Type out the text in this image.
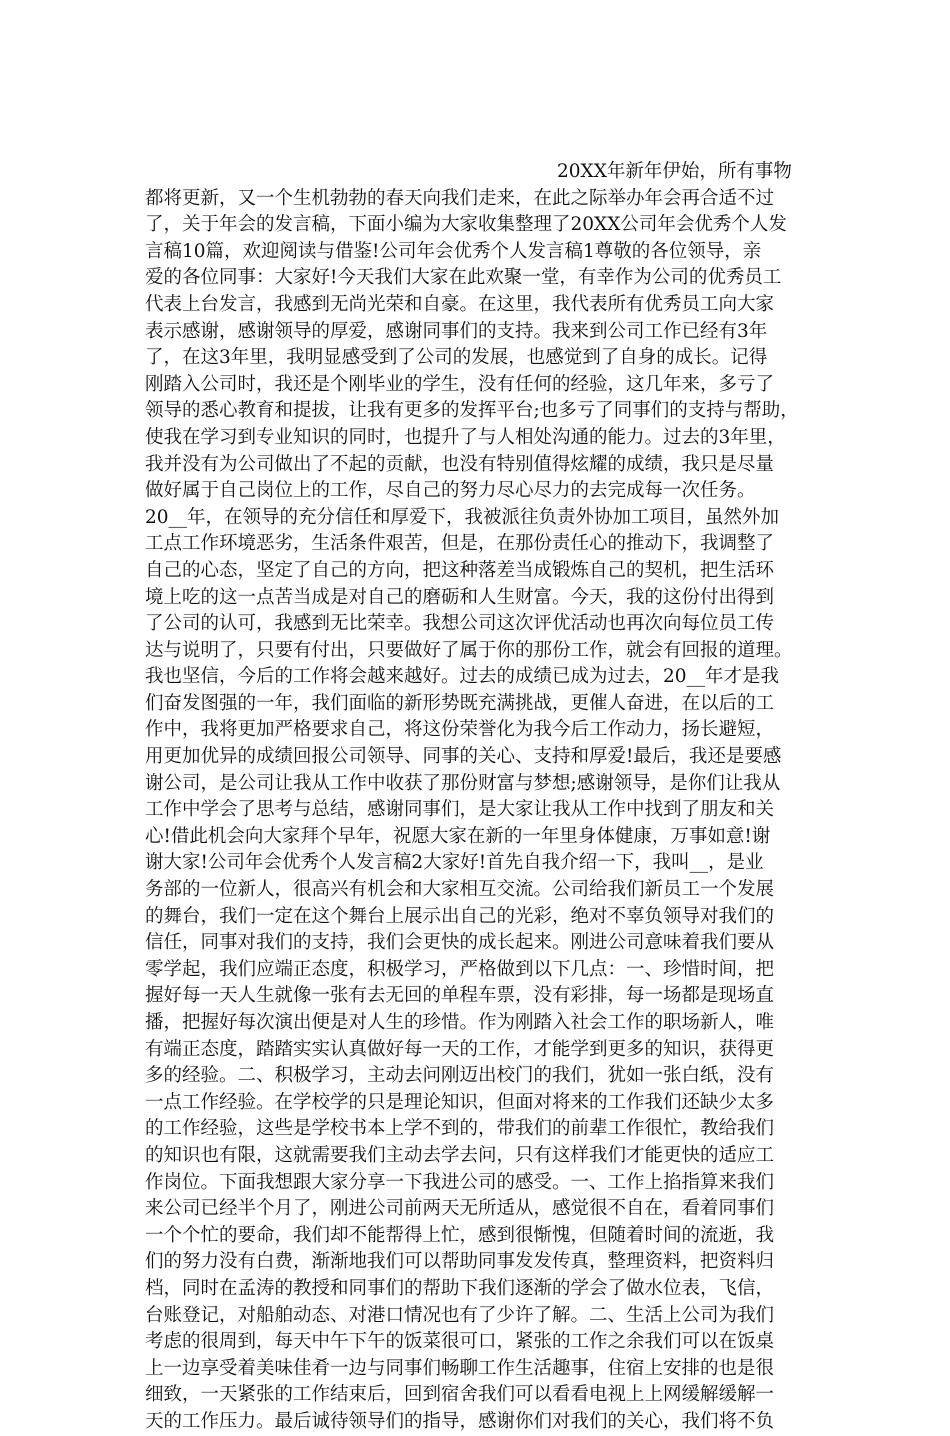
20XX年新年伊始，所有事物
都将更新，又一个生机勃勃的春天向我们走来，在此之际举办年会再合适不过
了，关于年会的发言稿，下面小编为大家收集整理了20XX公司年会优秀个人发
言稿10篇，欢迎阅读与借鉴!公司年会优秀个人发言稿1尊敬的各位领导，亲
爱的各位同事：大家好!今天我们大家在此欢聚一堂，有幸作为公司的优秀员工
代表上台发言，我感到无尚光荣和自豪。在这里，我代表所有优秀员工向大家
表示感谢，感谢领导的厚爱，感谢同事们的支持。我来到公司工作已经有3年
了，在这3年里，我明显感受到了公司的发展，也感觉到了自身的成长。记得
刚踏入公司时，我还是个刚毕业的学生，没有任何的经验，这几年来，多亏了
领导的悉心教育和提拔，让我有更多的发挥平台;也多亏了同事们的支持与帮助，
使我在学习到专业知识的同时，也提升了与人相处沟通的能力。过去的3年里，
我并没有为公司做出了不起的贡献，也没有特别值得炫耀的成绩，我只是尽量
做好属于自己岗位上的工作，尽自己的努力尽心尽力的去完成每一次任务。
20__年，在领导的充分信任和厚爱下，我被派往负责外协加工项目，虽然外加
工点工作环境恶劣，生活条件艰苦，但是，在那份责任心的推动下，我调整了
自己的心态，坚定了自己的方向，把这种落差当成锻炼自己的契机，把生活环
境上吃的这一点苦当成是对自己的磨砺和人生财富。今天，我的这份付出得到
了公司的认可，我感到无比荣幸。我想公司这次评优活动也再次向每位员工传
达与说明了，只要有付出，只要做好了属于你的那份工作，就会有回报的道理。
我也坚信，今后的工作将会越来越好。过去的成绩已成为过去，20__年才是我
们奋发图强的一年，我们面临的新形势既充满挑战，更催人奋进，在以后的工
作中，我将更加严格要求自己，将这份荣誉化为我今后工作动力，扬长避短，
用更加优异的成绩回报公司领导、同事的关心、支持和厚爱!最后，我还是要感
谢公司，是公司让我从工作中收获了那份财富与梦想;感谢领导，是你们让我从
工作中学会了思考与总结，感谢同事们，是大家让我从工作中找到了朋友和关
心!借此机会向大家拜个早年，祝愿大家在新的一年里身体健康，万事如意!谢
谢大家!公司年会优秀个人发言稿2大家好!首先自我介绍一下，我叫__，是业
务部的一位新人，很高兴有机会和大家相互交流。公司给我们新员工一个发展
的舞台，我们一定在这个舞台上展示出自己的光彩，绝对不辜负领导对我们的
信任，同事对我们的支持，我们会更快的成长起来。刚进公司意味着我们要从
零学起，我们应端正态度，积极学习，严格做到以下几点：一、珍惜时间，把
握好每一天人生就像一张有去无回的单程车票，没有彩排，每一场都是现场直
播，把握好每次演出便是对人生的珍惜。作为刚踏入社会工作的职场新人，唯
有端正态度，踏踏实实认真做好每一天的工作，才能学到更多的知识，获得更
多的经验。二、积极学习，主动去问刚迈出校门的我们，犹如一张白纸，没有
一点工作经验。在学校学的只是理论知识，但面对将来的工作我们还缺少太多
的工作经验，这些是学校书本上学不到的，带我们的前辈工作很忙，教给我们
的知识也有限，这就需要我们主动去学去问，只有这样我们才能更快的适应工
作岗位。下面我想跟大家分享一下我进公司的感受。一、工作上掐指算来我们
来公司已经半个月了，刚进公司前两天无所适从，感觉很不自在，看着同事们
一个个忙的要命，我们却不能帮得上忙，感到很惭愧，但随着时间的流逝，我
们的努力没有白费，渐渐地我们可以帮助同事发发传真，整理资料，把资料归
档，同时在孟涛的教授和同事们的帮助下我们逐渐的学会了做水位表，飞信，
台账登记，对船舶动态、对港口情况也有了少许了解。二、生活上公司为我们
考虑的很周到，每天中午下午的饭菜很可口，紧张的工作之余我们可以在饭桌
上一边享受着美味佳肴一边与同事们畅聊工作生活趣事，住宿上安排的也是很
细致，一天紧张的工作结束后，回到宿舍我们可以看看电视上上网缓解缓解一
天的工作压力。最后诚待领导们的指导，感谢你们对我们的关心，我们将不负
